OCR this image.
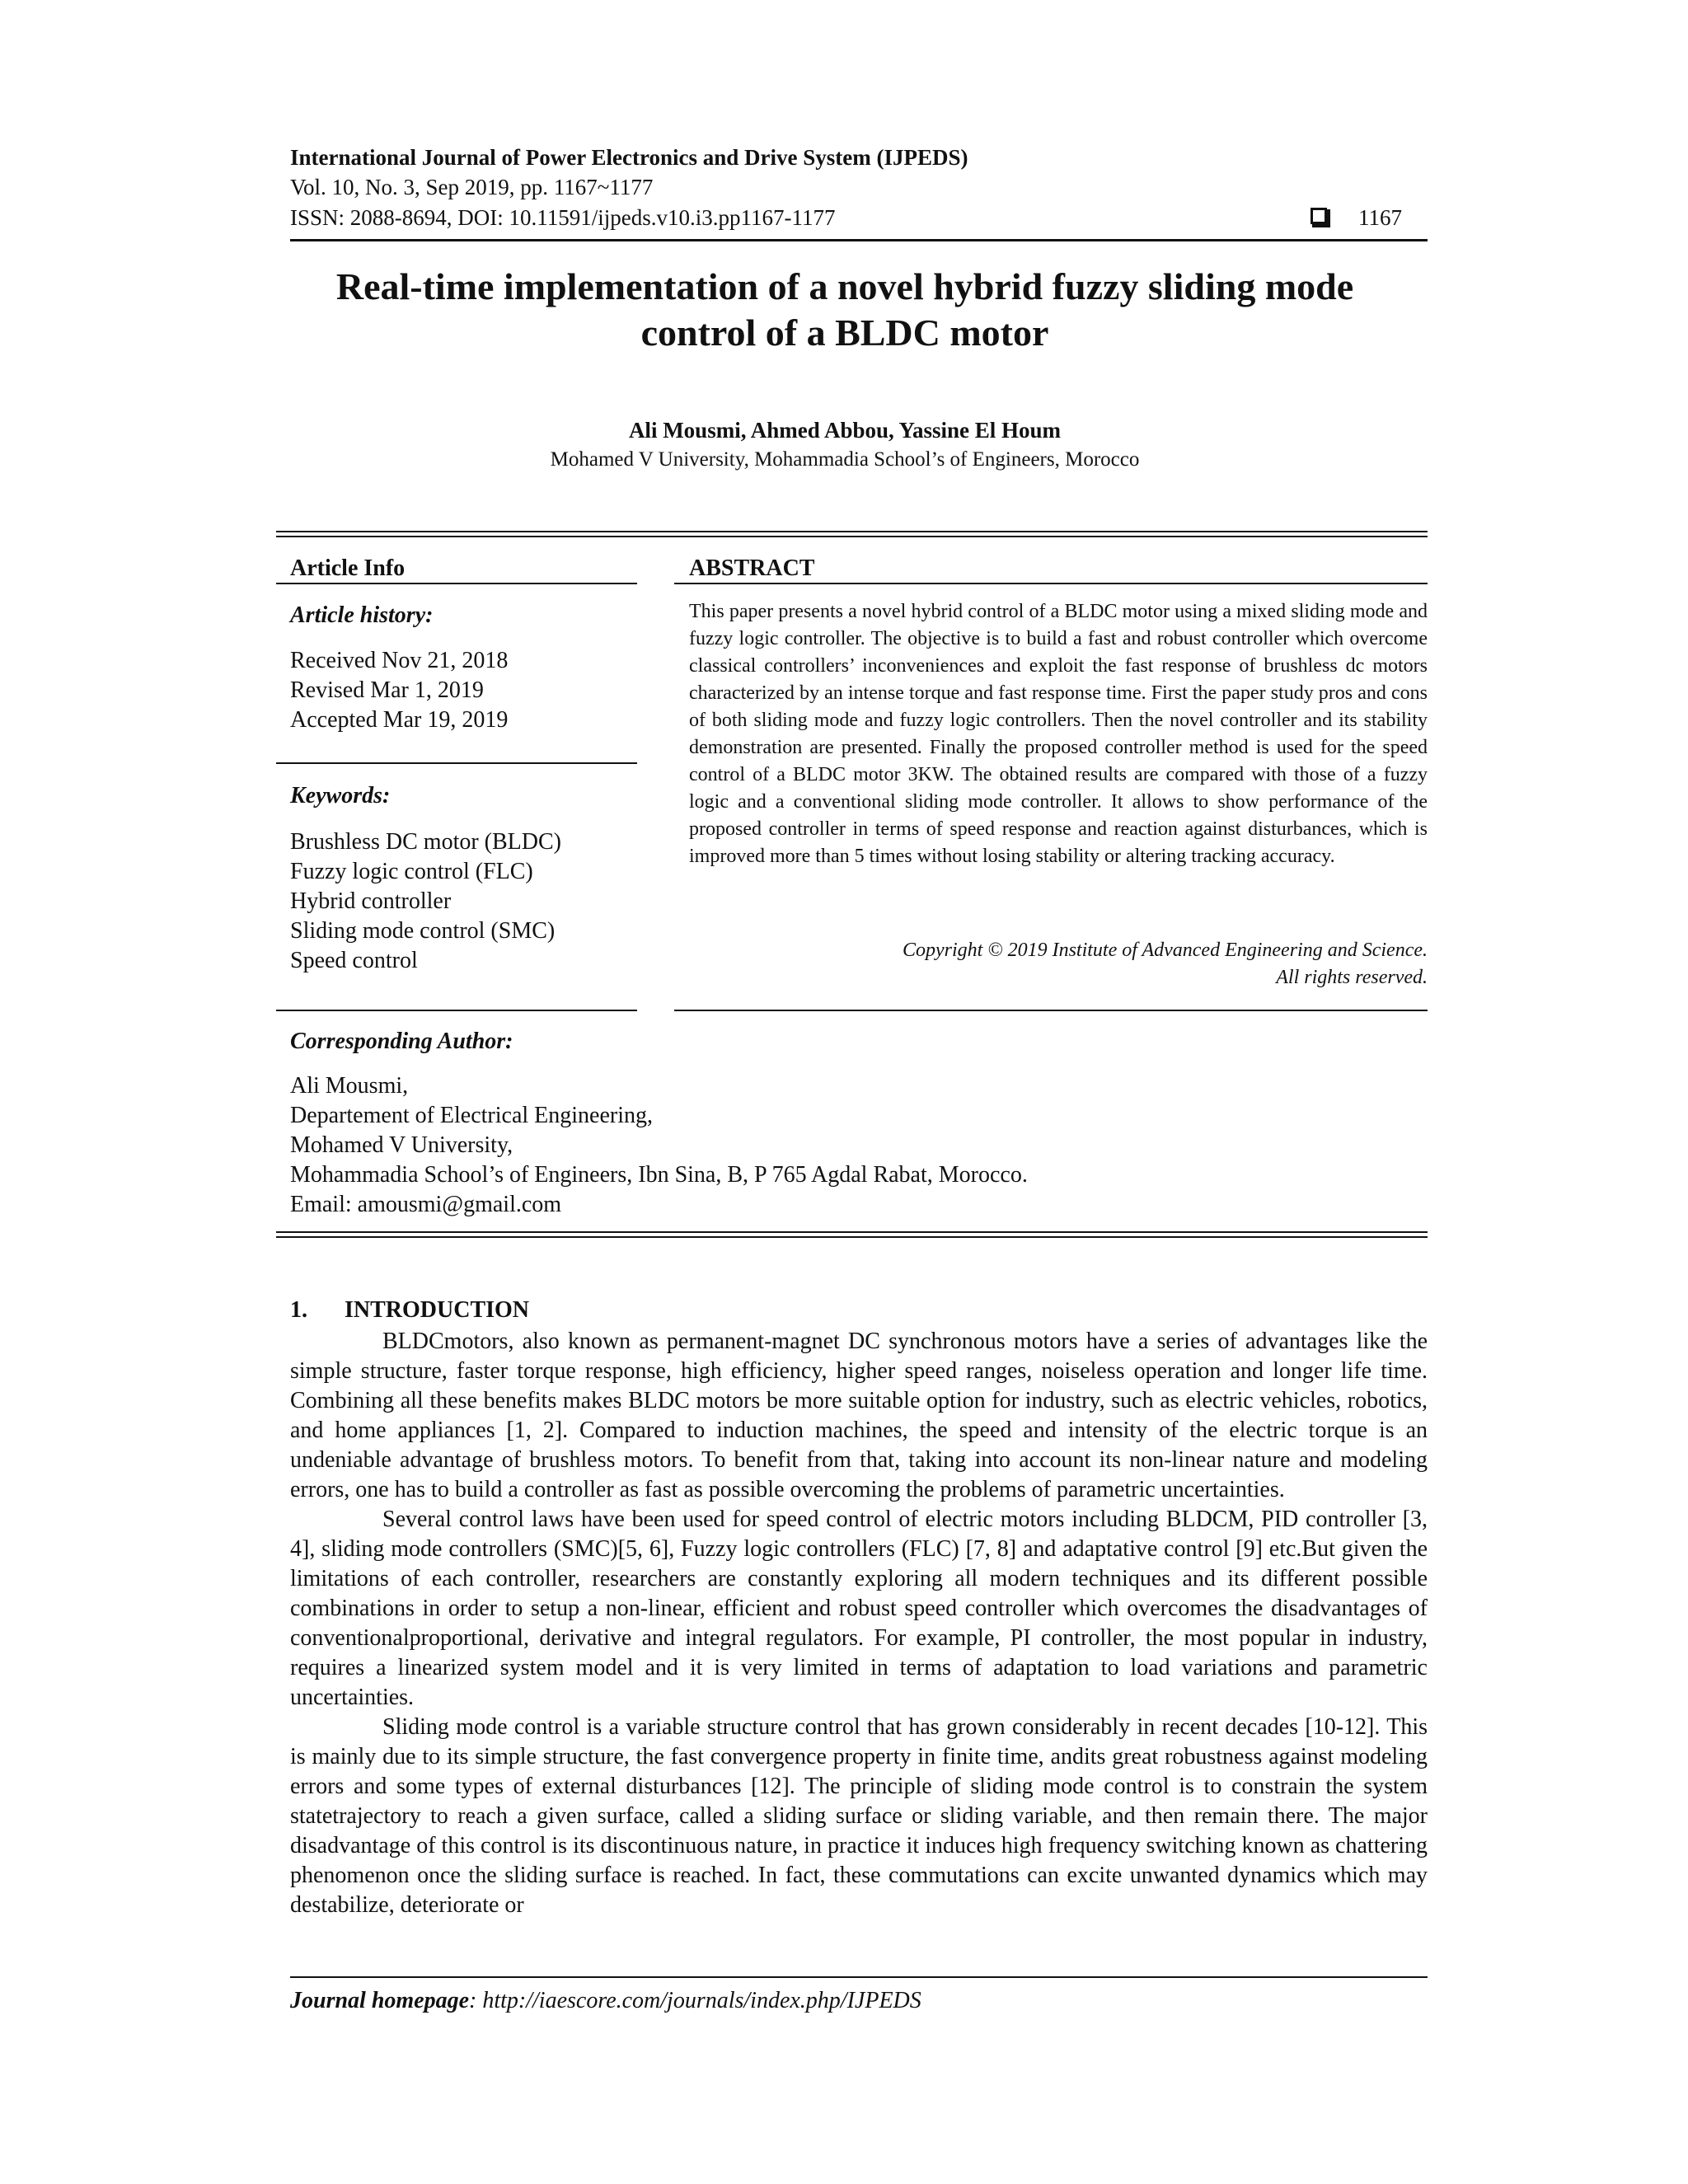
International Journal of Power Electronics and Drive System (IJPEDS)
Vol. 10, No. 3, Sep 2019, pp. 1167~1177
ISSN: 2088-8694, DOI: 10.11591/ijpeds.v10.i3.pp1167-1177	1167
Real-time implementation of a novel hybrid fuzzy sliding mode
control of a BLDC motor
Ali Mousmi, Ahmed Abbou, Yassine El Houm
Mohamed V University, Mohammadia School’s of Engineers, Morocco
Article Info
Article history:
Received Nov 21, 2018
Revised Mar 1, 2019
Accepted Mar 19, 2019
Keywords:
Brushless DC motor (BLDC)
Fuzzy logic control (FLC)
Hybrid controller
Sliding mode control (SMC)
Speed control
ABSTRACT
This paper presents a novel hybrid control of a BLDC motor using a mixed sliding mode and fuzzy logic controller. The objective is to build a fast and robust controller which overcome classical controllers’ inconveniences and exploit the fast response of brushless dc motors characterized by an intense torque and fast response time. First the paper study pros and cons of both sliding mode and fuzzy logic controllers. Then the novel controller and its stability demonstration are presented. Finally the proposed controller method is used for the speed control of a BLDC motor 3KW. The obtained results are compared with those of a fuzzy logic and a conventional sliding mode controller. It allows to show performance of the proposed controller in terms of speed response and reaction against disturbances, which is improved more than 5 times without losing stability or altering tracking accuracy.
Copyright © 2019 Institute of Advanced Engineering and Science.
All rights reserved.
Corresponding Author:
Ali Mousmi,
Departement of Electrical Engineering,
Mohamed V University,
Mohammadia School’s of Engineers, Ibn Sina, B, P 765 Agdal Rabat, Morocco.
Email: amousmi@gmail.com
1. INTRODUCTION

BLDCmotors, also known as permanent-magnet DC synchronous motors have a series of advantages like the simple structure, faster torque response, high efficiency, higher speed ranges, noiseless operation and longer life time. Combining all these benefits makes BLDC motors be more suitable option for industry, such as electric vehicles, robotics, and home appliances [1, 2]. Compared to induction machines, the speed and intensity of the electric torque is an undeniable advantage of brushless motors. To benefit from that, taking into account its non-linear nature and modeling errors, one has to build a controller as fast as possible overcoming the problems of parametric uncertainties.

Several control laws have been used for speed control of electric motors including BLDCM, PID controller [3, 4], sliding mode controllers (SMC)[5, 6], Fuzzy logic controllers (FLC) [7, 8] and adaptative control [9] etc.But given the limitations of each controller, researchers are constantly exploring all modern techniques and its different possible combinations in order to setup a non-linear, efficient and robust speed controller which overcomes the disadvantages of conventionalproportional, derivative and integral regulators. For example, PI controller, the most popular in industry, requires a linearized system model and it is very limited in terms of adaptation to load variations and parametric uncertainties.

Sliding mode control is a variable structure control that has grown considerably in recent decades [10-12]. This is mainly due to its simple structure, the fast convergence property in finite time, andits great robustness against modeling errors and some types of external disturbances [12]. The principle of sliding mode control is to constrain the system statetrajectory to reach a given surface, called a sliding surface or sliding variable, and then remain there. The major disadvantage of this control is its discontinuous nature, in practice it induces high frequency switching known as chattering phenomenon once the sliding surface is reached. In fact, these commutations can excite unwanted dynamics which may destabilize, deteriorate or

Journal homepage: http://iaescore.com/journals/index.php/IJPEDS
